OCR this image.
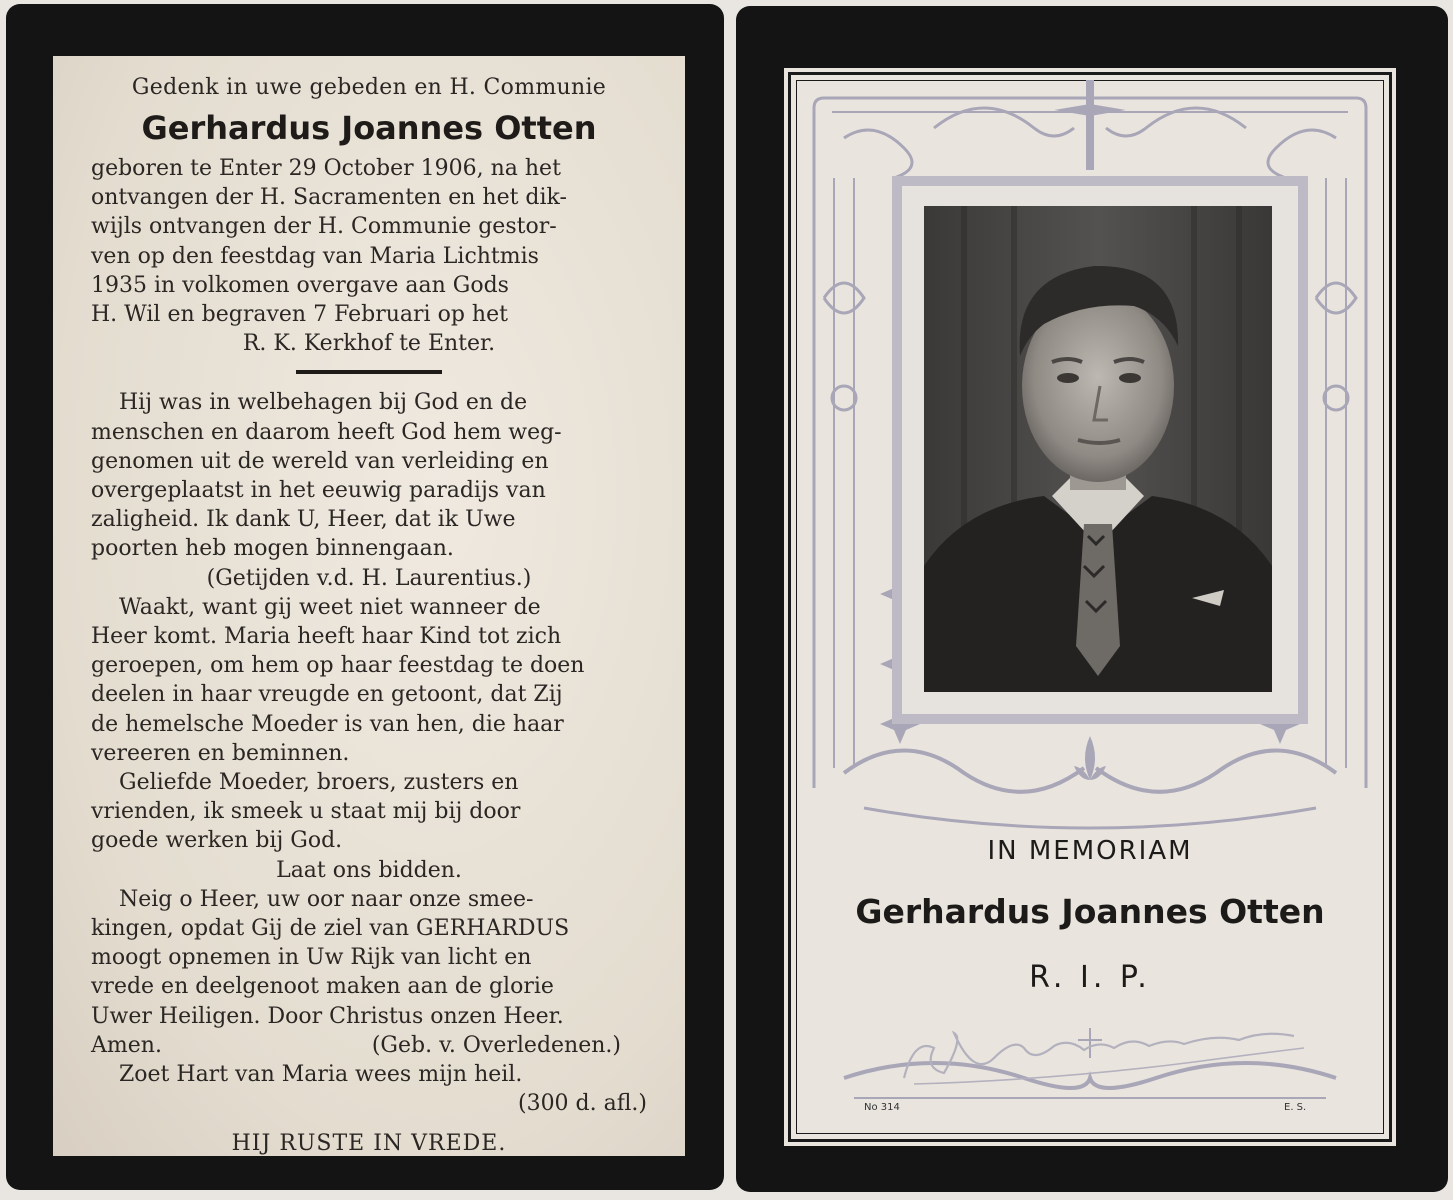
Gedenk in uwe gebeden en H. Communie

Gerhardus Joannes Otten

geboren te Enter 29 October 1906, na het

ontvangen der H. Sacramenten en het dik-

wijls ontvangen der H. Communie gestor-

ven op den feestdag van Maria Lichtmis

1935 in volkomen overgave aan Gods

H. Wil en begraven 7 Februari op het

R. K. Kerkhof te Enter.

Hij was in welbehagen bij God en de

menschen en daarom heeft God hem weg-

genomen uit de wereld van verleiding en

overgeplaatst in het eeuwig paradijs van

zaligheid. Ik dank U, Heer, dat ik Uwe

poorten heb mogen binnengaan.

(Getijden v.d. H. Laurentius.)

Waakt, want gij weet niet wanneer de

Heer komt. Maria heeft haar Kind tot zich

geroepen, om hem op haar feestdag te doen

deelen in haar vreugde en getoont, dat Zij

de hemelsche Moeder is van hen, die haar

vereeren en beminnen.

Geliefde Moeder, broers, zusters en

vrienden, ik smeek u staat mij bij door

goede werken bij God.

Laat ons bidden.

Neig o Heer, uw oor naar onze smee-

kingen, opdat Gij de ziel van GERHARDUS

moogt opnemen in Uw Rijk van licht en

vrede en deelgenoot maken aan de glorie

Uwer Heiligen. Door Christus onzen Heer.

Amen.	(Geb. v. Overledenen.)

Zoet Hart van Maria wees mijn heil.

(300 d. afl.)

HIJ RUSTE IN VREDE.

IN MEMORIAM
Gerhardus Joannes Otten
R. I. P.
No 314	E. S.
